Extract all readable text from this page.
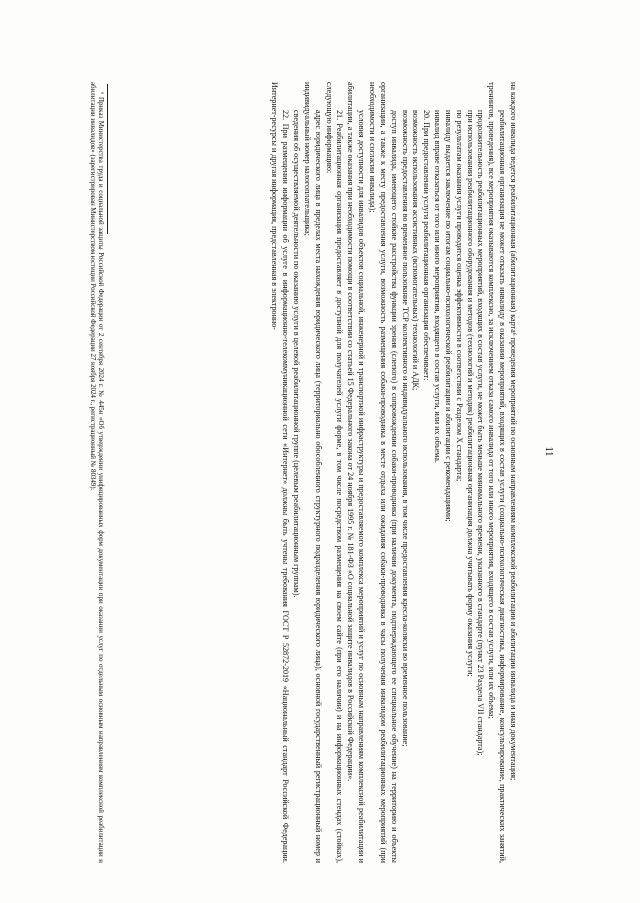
11

на каждого инвалида ведется реабилитационная (абилитационная) карта⁶ проведения мероприятий по основным направлениям комплексной реабилитации и абилитации инвалида и иная документация;

реабилитационная организация не может отказать инвалиду в оказании мероприятий, входящих в состав услуги (социально-психологическая диагностика, информирование, консультирование, практических занятий, тренингов, проведения), все мероприятия оказываются комплексно, за исключением отказа самого инвалида от того или иного мероприятия, входящего в состав услуги, или их объема;

продолжительность реабилитационных мероприятий, входящих в состав услуги, не может быть меньше минимального времени, указанного в стандарте (пункт 23 Раздела VII стандарта);

при использовании реабилитационного оборудования и методов (технологий и методик) реабилитационная организация должна учитывать форму оказания услуги;

по результатам оказания услуги проводится оценка эффективности в соответствии с Разделом X стандарта;

инвалиду выдается заключение по итогам социально-психологической реабилитации и абилитации с рекомендациями;

инвалид вправе отказаться от того или иного мероприятия, входящего в состав услуги, или их объема.

20. При предоставлении услуги реабилитационная организация обеспечивает:

возможность использования ассистивных (вспомогательных) технологий и АДК;

возможность предоставления во временное пользование ТСР коллективного и индивидуального использования, в том числе предоставления кресла-коляски во временное пользование;

доступ инвалида, имеющего стойкие расстройства функции зрения (слепого) в сопровождении собаки-проводника (при наличии документа, подтверждающего ее специальное обучение) на территорию и объекты организации, а также к месту предоставления услуги, возможность размещения собаки-проводника в месте отдыха или ожидания собаки-проводника в часы получения инвалидом реабилитационных мероприятий (при необходимости и согласии инвалида);

условия доступности для инвалидов объектов социальной, инженерной и транспортной инфраструктуры и предоставляемого комплекса мероприятий и услуг по основным направлениям комплексной реабилитации и абилитации, а также оказания при необходимости помощи в соответствии со статьей 15 Федерального закона от 24 ноября 1995 г. № 181-ФЗ «О социальной защите инвалидов в Российской Федерации».

21. Реабилитационная организация предоставляет в доступной для получателей услуги форме, в том числе посредством размещения на своем сайте (при его наличии) и на информационных стендах (стойках), следующую информацию:

адрес юридического лица в пределах места нахождения юридического лица (территориально обособленного структурного подразделения юридического лица), основной государственный регистрационный номер и индивидуальный номер налогоплательщика;

сведения об осуществляемой деятельности по оказанию услуги в целевой реабилитационной группе (целевым реабилитационным группам).

22. При размещении информации об услуге в информационно-телекоммуникационной сети «Интернет» должны быть учтены требования ГОСТ Р 52872-2019 «Национальный стандарт Российской Федерации. Интернет-ресурсы и другая информация, представленная в электронно-

⁶ Приказ Министерства труда и социальной защиты Российской Федерации от 2 сентября 2024 г. № 445н «Об утверждении унифицированных форм документации при оказании услуг по отдельным основным направлениям комплексной реабилитации и абилитации инвалидов» (зарегистрирован Министерством юстиции Российской Федерации 27 ноября 2024 г., регистрационный № 80349).
